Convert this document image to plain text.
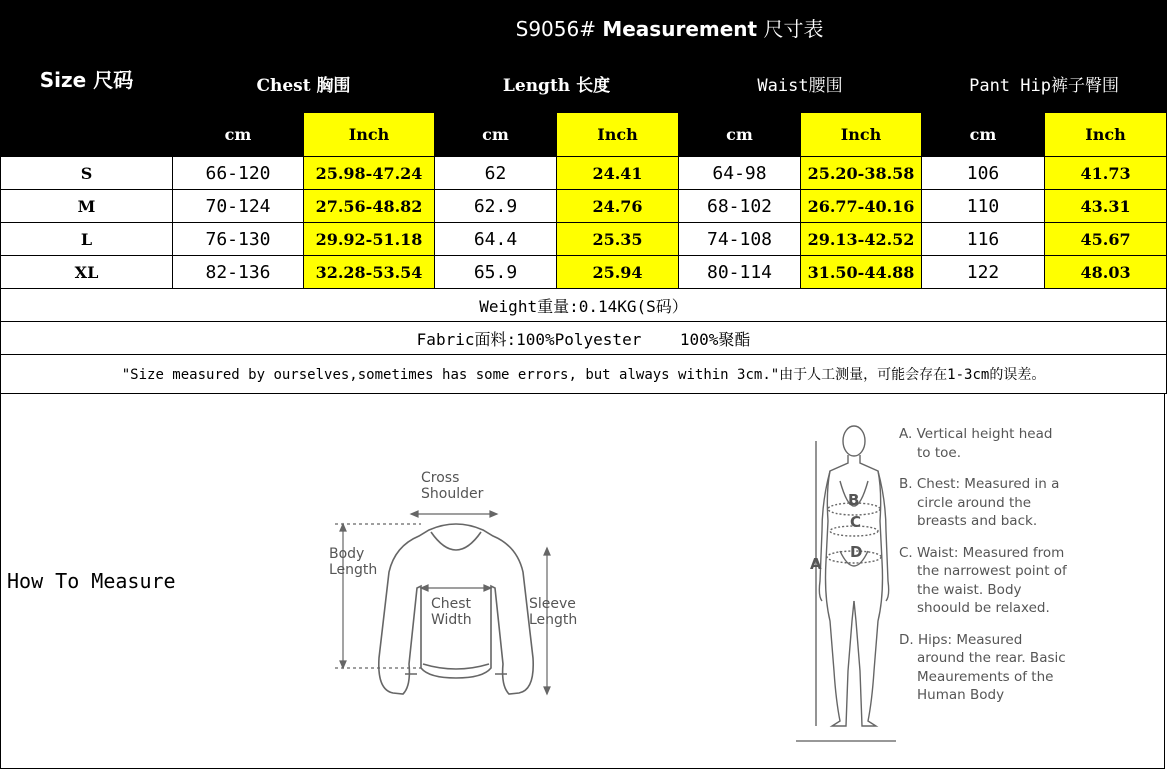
Size 尺码	S9056# Measurement 尺寸表							
	Chest 胸围		Length 长度		Waist腰围		Pant Hip裤子臀围	
	cm	Inch	cm	Inch	cm	Inch	cm	Inch
S	66-120	25.98-47.24	62	24.41	64-98	25.20-38.58	106	41.73
M	70-124	27.56-48.82	62.9	24.76	68-102	26.77-40.16	110	43.31
L	76-130	29.92-51.18	64.4	25.35	74-108	29.13-42.52	116	45.67
XL	82-136	32.28-53.54	65.9	25.94	80-114	31.50-44.88	122	48.03
Weight重量:0.14KG(S码）								
Fabric面料:100%Polyester    100%聚酯								
"Size measured by ourselves,sometimes has some errors, but always within 3cm."由于人工测量，可能会存在1-3cm的误差。								
How To Measure
Cross
Shoulder
Body
Length
Chest
Width
Sleeve
Length
B
C
D
A
A. Vertical height head to toe.
B. Chest: Measured in a circle around the breasts and back.
C. Waist: Measured from the narrowest point of the waist. Body shoould be relaxed.
D. Hips: Measured around the rear. Basic Meaurements of the Human Body
